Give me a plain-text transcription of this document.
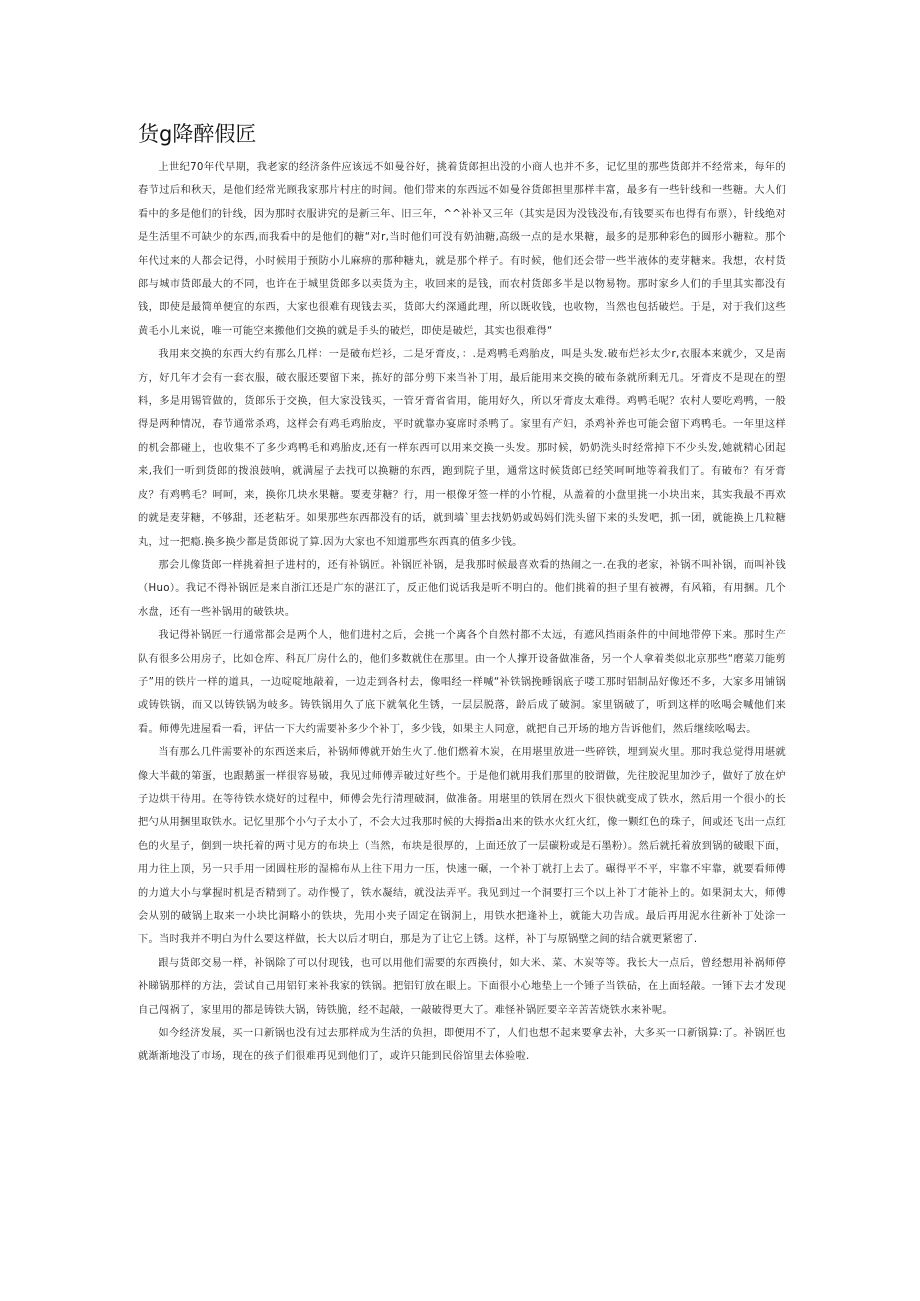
货g降醉假匠

上世纪70年代早期，我老家的经济条件应该远不如曼谷好，挑着货郎担出没的小商人也并不多，记忆里的那些货郎并不经常来，每年的春节过后和秋天，是他们经常光顾我家那片村庄的时间。他们带来的东西远不如曼谷货郎担里那样丰富，最多有一些针线和一些糖。大人们看中的多是他们的针线，因为那时衣服讲究的是新三年、旧三年，^^补补又三年（其实是因为没钱没布,有钱要买布也得有布票），针线绝对是生活里不可缺少的东西,而我看中的是他们的糖“对r,当时他们可没有奶油糖,高级一点的是水果糖，最多的是那种彩色的圆形小糖粒。那个年代过来的人都会记得，小时候用于预防小儿麻痹的那种糖丸，就是那个样子。有时候，他们还会带一些半液体的麦芽糖来。我想，农村货郎与城市货郎最大的不同，也许在于城里货郎多以卖货为主，收回来的是钱，而农村货郎多半是以物易物。那时家乡人们的手里其实都没有钱，即使是最简单便宜的东西，大家也很难有现钱去买，货郎大约深通此理，所以既收钱，也收物，当然也包括破烂。于是，对于我们这些黄毛小儿来说，唯一可能空来搬他们交换的就是手头的破烂，即使是破烂，其实也很难得“

我用来交换的东西大约有那么几样：一是破布烂衫，二是牙膏皮，：.是鸡鸭毛鸡胎皮，叫是头发.破布烂衫太少r,衣服本来就少，又是南方，好几年才会有一套衣服，破衣服还要留下来，拣好的部分剪下来当补丁用，最后能用来交换的破布条就所剩无几。牙膏皮不是现在的塑料，多是用锡管做的，货郎乐于交换，但大家没钱买，一管牙膏省省用，能用好久，所以牙膏皮太难得。鸡鸭毛呢？农村人要吃鸡鸭，一般得是两种情况，春节通常杀鸡，这样会有鸡毛鸡胎皮，平时就靠办宴席时杀鸭了。家里有产妇，杀鸡补养也可能会留下鸡鸭毛。一年里这样的机会都碰上，也收集不了多少鸡鸭毛和鸡胎皮,还有一样东西可以用来交换一头发。那时候，奶奶洗头时经常掉下不少头发,她就精心团起来,我们一听到货郎的拨浪鼓响，就满屋子去找可以换糖的东西，跑到院子里，通常这时候货郎已经笑呵呵地等着我们了。有破布？有牙膏皮？有鸡鸭毛？呵呵，来，换你几块水果糖。要麦芽糖？行，用一根像牙签一样的小竹棍，从盖着的小盘里挑一小块出来，其实我最不再欢的就是麦芽糖，不够甜，还老粘牙。如果那些东西都没有的话，就到墙`里去找奶奶或妈妈们洗头留下来的头发吧，抓一团，就能换上几粒糖丸，过一把瘾.换多换少都是货郎说了算.因为大家也不知道那些东西真的值多少钱。

那会儿像货郎一样挑着担子进村的，还有补锅匠。补锅匠补锅，是我那时候最喜欢看的热闹之一.在我的老家，补锅不叫补锅，而叫补钱（Huo）。我记不得补锅匠是来自浙江还是广东的湛江了，反正他们说话我是听不明白的。他们挑着的担子里有被褥，有风箱，有用捆。几个水盘，还有一些补锅用的破铁块。

我记得补锅匠一行通常都会是两个人，他们进村之后，会挑一个离各个自然村都不太远，有遮风挡雨条件的中间地带停下来。那时生产队有很多公用房子，比如仓库、科瓦厂房什么的，他们多数就住在那里。由一个人撑开设备做准备，另一个人拿着类似北京那些“磨菜刀能剪子”用的铁片一样的道具，一边啶啶地敲着，一边走到各村去，像唱经一样喊“补铁锅挽睡锅底子喽工那时铝制品好像还不多，大家多用铺锅或铸铁锅，而又以铸铁锅为岐多。铸铁锅用久了底下就氧化生锈，一层层脱落，龄后成了破洞。家里锅破了，听到这样的吆喝会喊他们来看。师傅先进屋看一看，评估一下大约需要补多少个补丁，多少钱，如果主人同意，就把自己开场的地方告诉他们，然后继续吆喝去。

当有那么几件需要补的东西送来后，补锅师傅就开始生火了.他们燃着木炭，在用堪里放进一些碎铁，埋到炭火里。那时我总觉得用堪就像大半截的第蛋，也跟鹅蛋一样很容易破，我见过师傅弄破过好些个。于是他们就用我们那里的胶谓做，先往胶泥里加沙子，做好了放在炉子边烘干待用。在等待铁水烧好的过程中，师傅会先行清理破洞，做准备。用堪里的铁屑在烈火下很快就变成了铁水，然后用一个很小的长把勺从用捆里取铁水。记忆里那个小勺子太小了，不会大过我那时候的大拇指a出来的铁水火红火红，像一颗红色的珠子，间或还飞出一点红色的火星子，倒到一块托着的两寸见方的布块上（当然，布块是很厚的，上面还放了一层碳粉或是石墨粉）。然后就托着放到锅的破眼下面，用力往上顶，另一只手用一团圆柱形的湿棉布从上往下用力一压，快速一碾，一个补丁就打上去了。碾得平不平，牢靠不牢靠，就要看师傅的力道大小与掌握时机是否精到了。动作慢了，铁水凝结，就没法弄平。我见到过一个洞要打三个以上补丁才能补上的。如果洞太大，师傅会从别的破锅上取来一小块比洞略小的铁块，先用小夹子固定在锅洞上，用铁水把逢补上，就能大功告成。最后再用泥水往新补丁处涂一下。当时我并不明白为什么要这样做，长大以后才明白，那是为了让它上锈。这样，补丁与原锅壁之间的结合就更紧密了.

跟与货郎交易一样，补锅除了可以付现钱，也可以用他们需要的东西换付，如大米、菜、木炭等等。我长大一点后，曾经想用补祸师停补睇锅那样的方法，尝试自己用铝钉来补我家的铁锅。把铝钉放在眼上。下面很小心地垫上一个锤子当铁砧，在上面轻敲。一锤下去才发现自己闯祸了，家里用的都是铸铁大锅，铸铁脆，经不起敲，一敲破得更大了。难怪补锅匠要辛辛苦苦烧铁水来补呢。

如今经济发展，买一口新锅也没有过去那样成为生活的负担，即便用不了，人们也想不起来要拿去补，大多买一口新锅算:了。补锅匠也就渐渐地没了市场，现在的孩子们很难再见到他们了，或许只能到民俗馆里去体验啦.
